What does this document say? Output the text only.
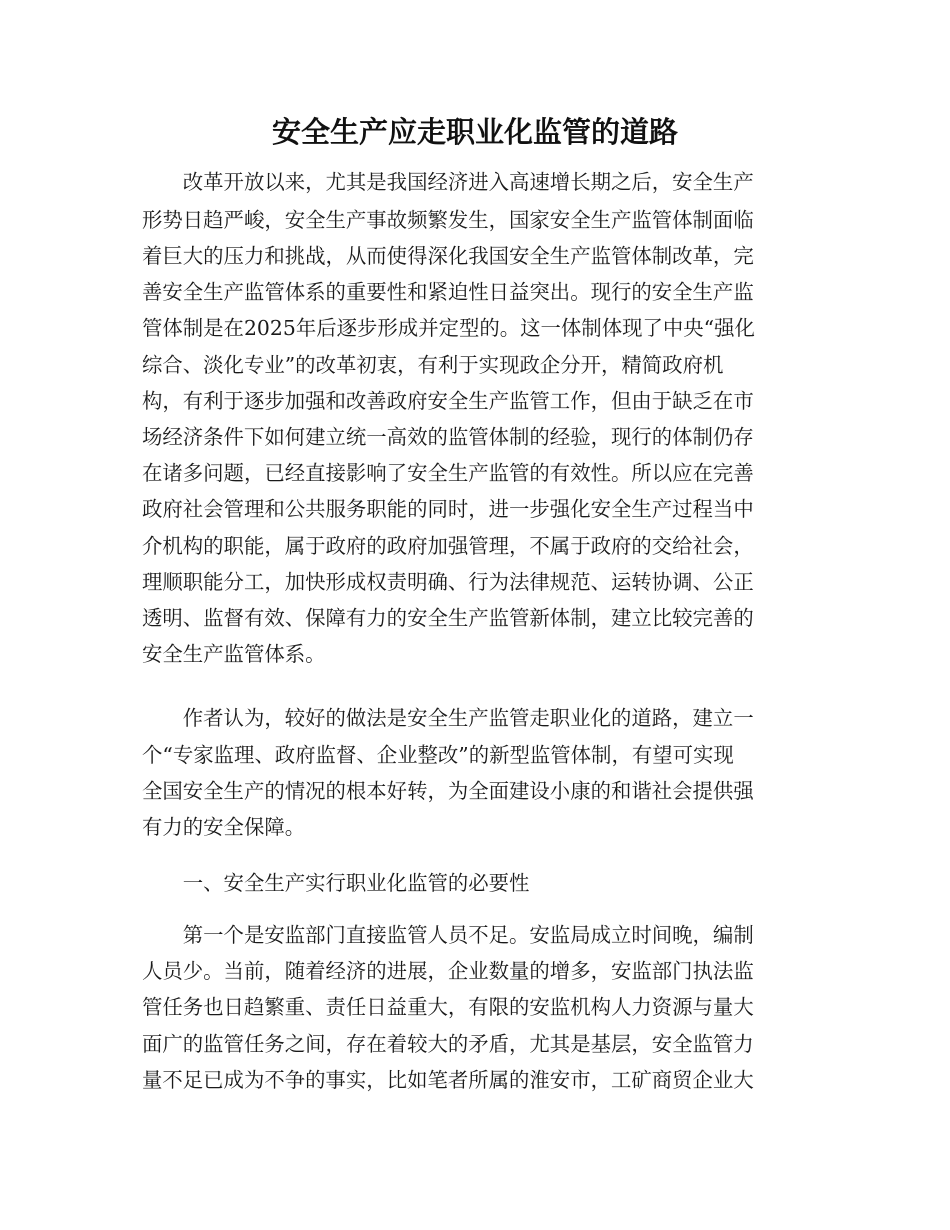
安全生产应走职业化监管的道路
　　改革开放以来，尤其是我国经济进入高速增长期之后，安全生产
形势日趋严峻，安全生产事故频繁发生，国家安全生产监管体制面临
着巨大的压力和挑战，从而使得深化我国安全生产监管体制改革，完
善安全生产监管体系的重要性和紧迫性日益突出。现行的安全生产监
管体制是在2025年后逐步形成并定型的。这一体制体现了中央“强化
综合、淡化专业”的改革初衷，有利于实现政企分开，精简政府机
构，有利于逐步加强和改善政府安全生产监管工作，但由于缺乏在市
场经济条件下如何建立统一高效的监管体制的经验，现行的体制仍存
在诸多问题，已经直接影响了安全生产监管的有效性。所以应在完善
政府社会管理和公共服务职能的同时，进一步强化安全生产过程当中
介机构的职能，属于政府的政府加强管理，不属于政府的交给社会，
理顺职能分工，加快形成权责明确、行为法律规范、运转协调、公正
透明、监督有效、保障有力的安全生产监管新体制，建立比较完善的
安全生产监管体系。
　　作者认为，较好的做法是安全生产监管走职业化的道路，建立一
个“专家监理、政府监督、企业整改”的新型监管体制，有望可实现
全国安全生产的情况的根本好转，为全面建设小康的和谐社会提供强
有力的安全保障。
　　一、安全生产实行职业化监管的必要性
　　第一个是安监部门直接监管人员不足。安监局成立时间晚，编制
人员少。当前，随着经济的进展，企业数量的增多，安监部门执法监
管任务也日趋繁重、责任日益重大，有限的安监机构人力资源与量大
面广的监管任务之间，存在着较大的矛盾，尤其是基层，安全监管力
量不足已成为不争的事实，比如笔者所属的淮安市，工矿商贸企业大
